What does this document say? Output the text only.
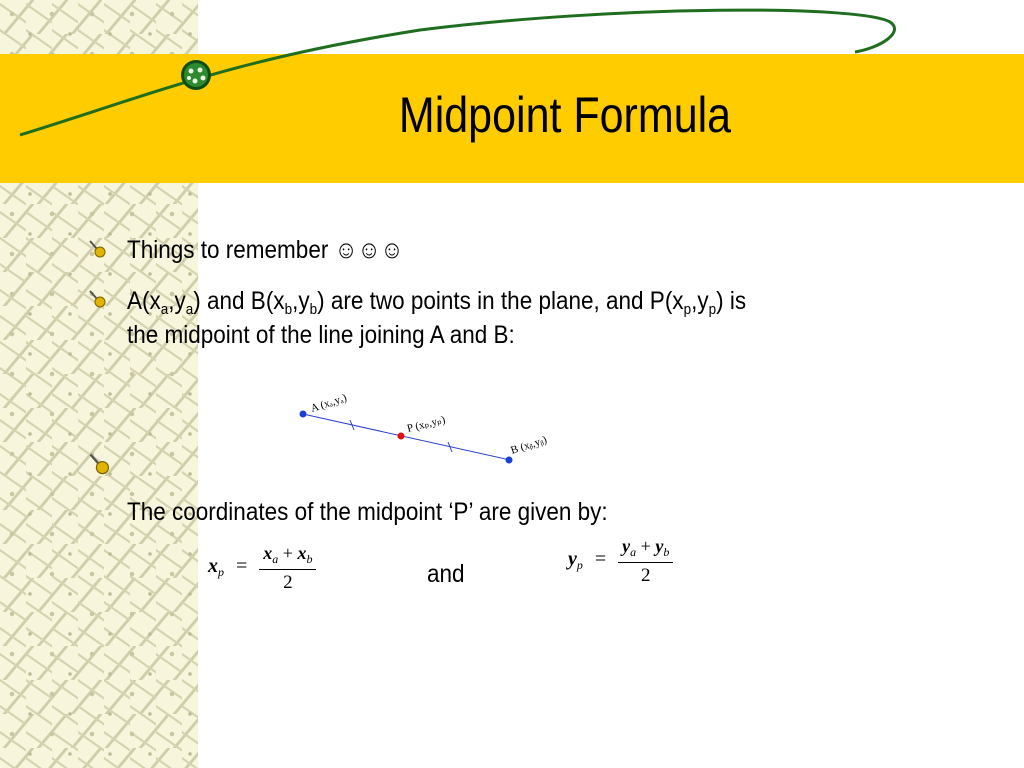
Midpoint Formula
Things to remember ☺☺☺
$A(x_a,y_a)$ and $B(x_b,y_b)$ are two points in the plane, and $P(x_p,y_p)$ is
the midpoint of the line joining A and B:
A (xₐ,yₐ)
P (xₚ,yₚ)
B (xᵦ,yᵦ)
The coordinates of the midpoint ‘P’ are given by:
$x_p = \frac{x_a + x_b}{2}$	and
$y_p = \frac{y_a + y_b}{2}$
